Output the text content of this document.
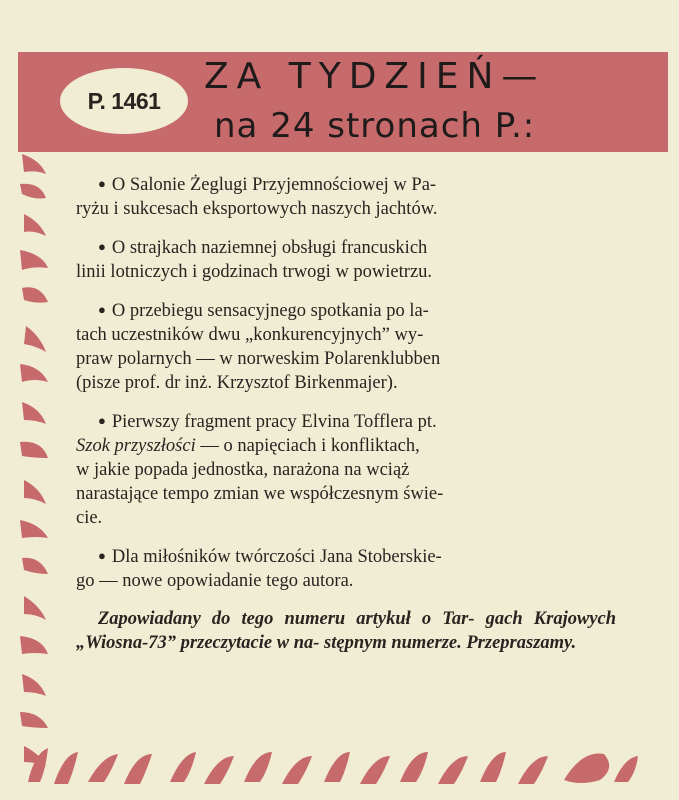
P. 1461
ZA TYDZIEŃ—
na 24 stronach P.:
● O Salonie Żeglugi Przyjemnościowej w Pa-
ryżu i sukcesach eksportowych naszych jachtów.
● O strajkach naziemnej obsługi francuskich
linii lotniczych i godzinach trwogi w powietrzu.
● O przebiegu sensacyjnego spotkania po la-
tach uczestników dwu „konkurencyjnych” wy-
praw polarnych — w norweskim Polarenklubben
(pisze prof. dr inż. Krzysztof Birkenmajer).
● Pierwszy fragment pracy Elvina Tofflera pt.
Szok przyszłości — o napięciach i konfliktach,
w jakie popada jednostka, narażona na wciąż
narastające tempo zmian we współczesnym świe-
cie.
● Dla miłośników twórczości Jana Stoberskie-
go — nowe opowiadanie tego autora.
Zapowiadany do tego numeru artykuł o Tar- gach Krajowych „Wiosna-73” przeczytacie w na- stępnym numerze. Przepraszamy.
